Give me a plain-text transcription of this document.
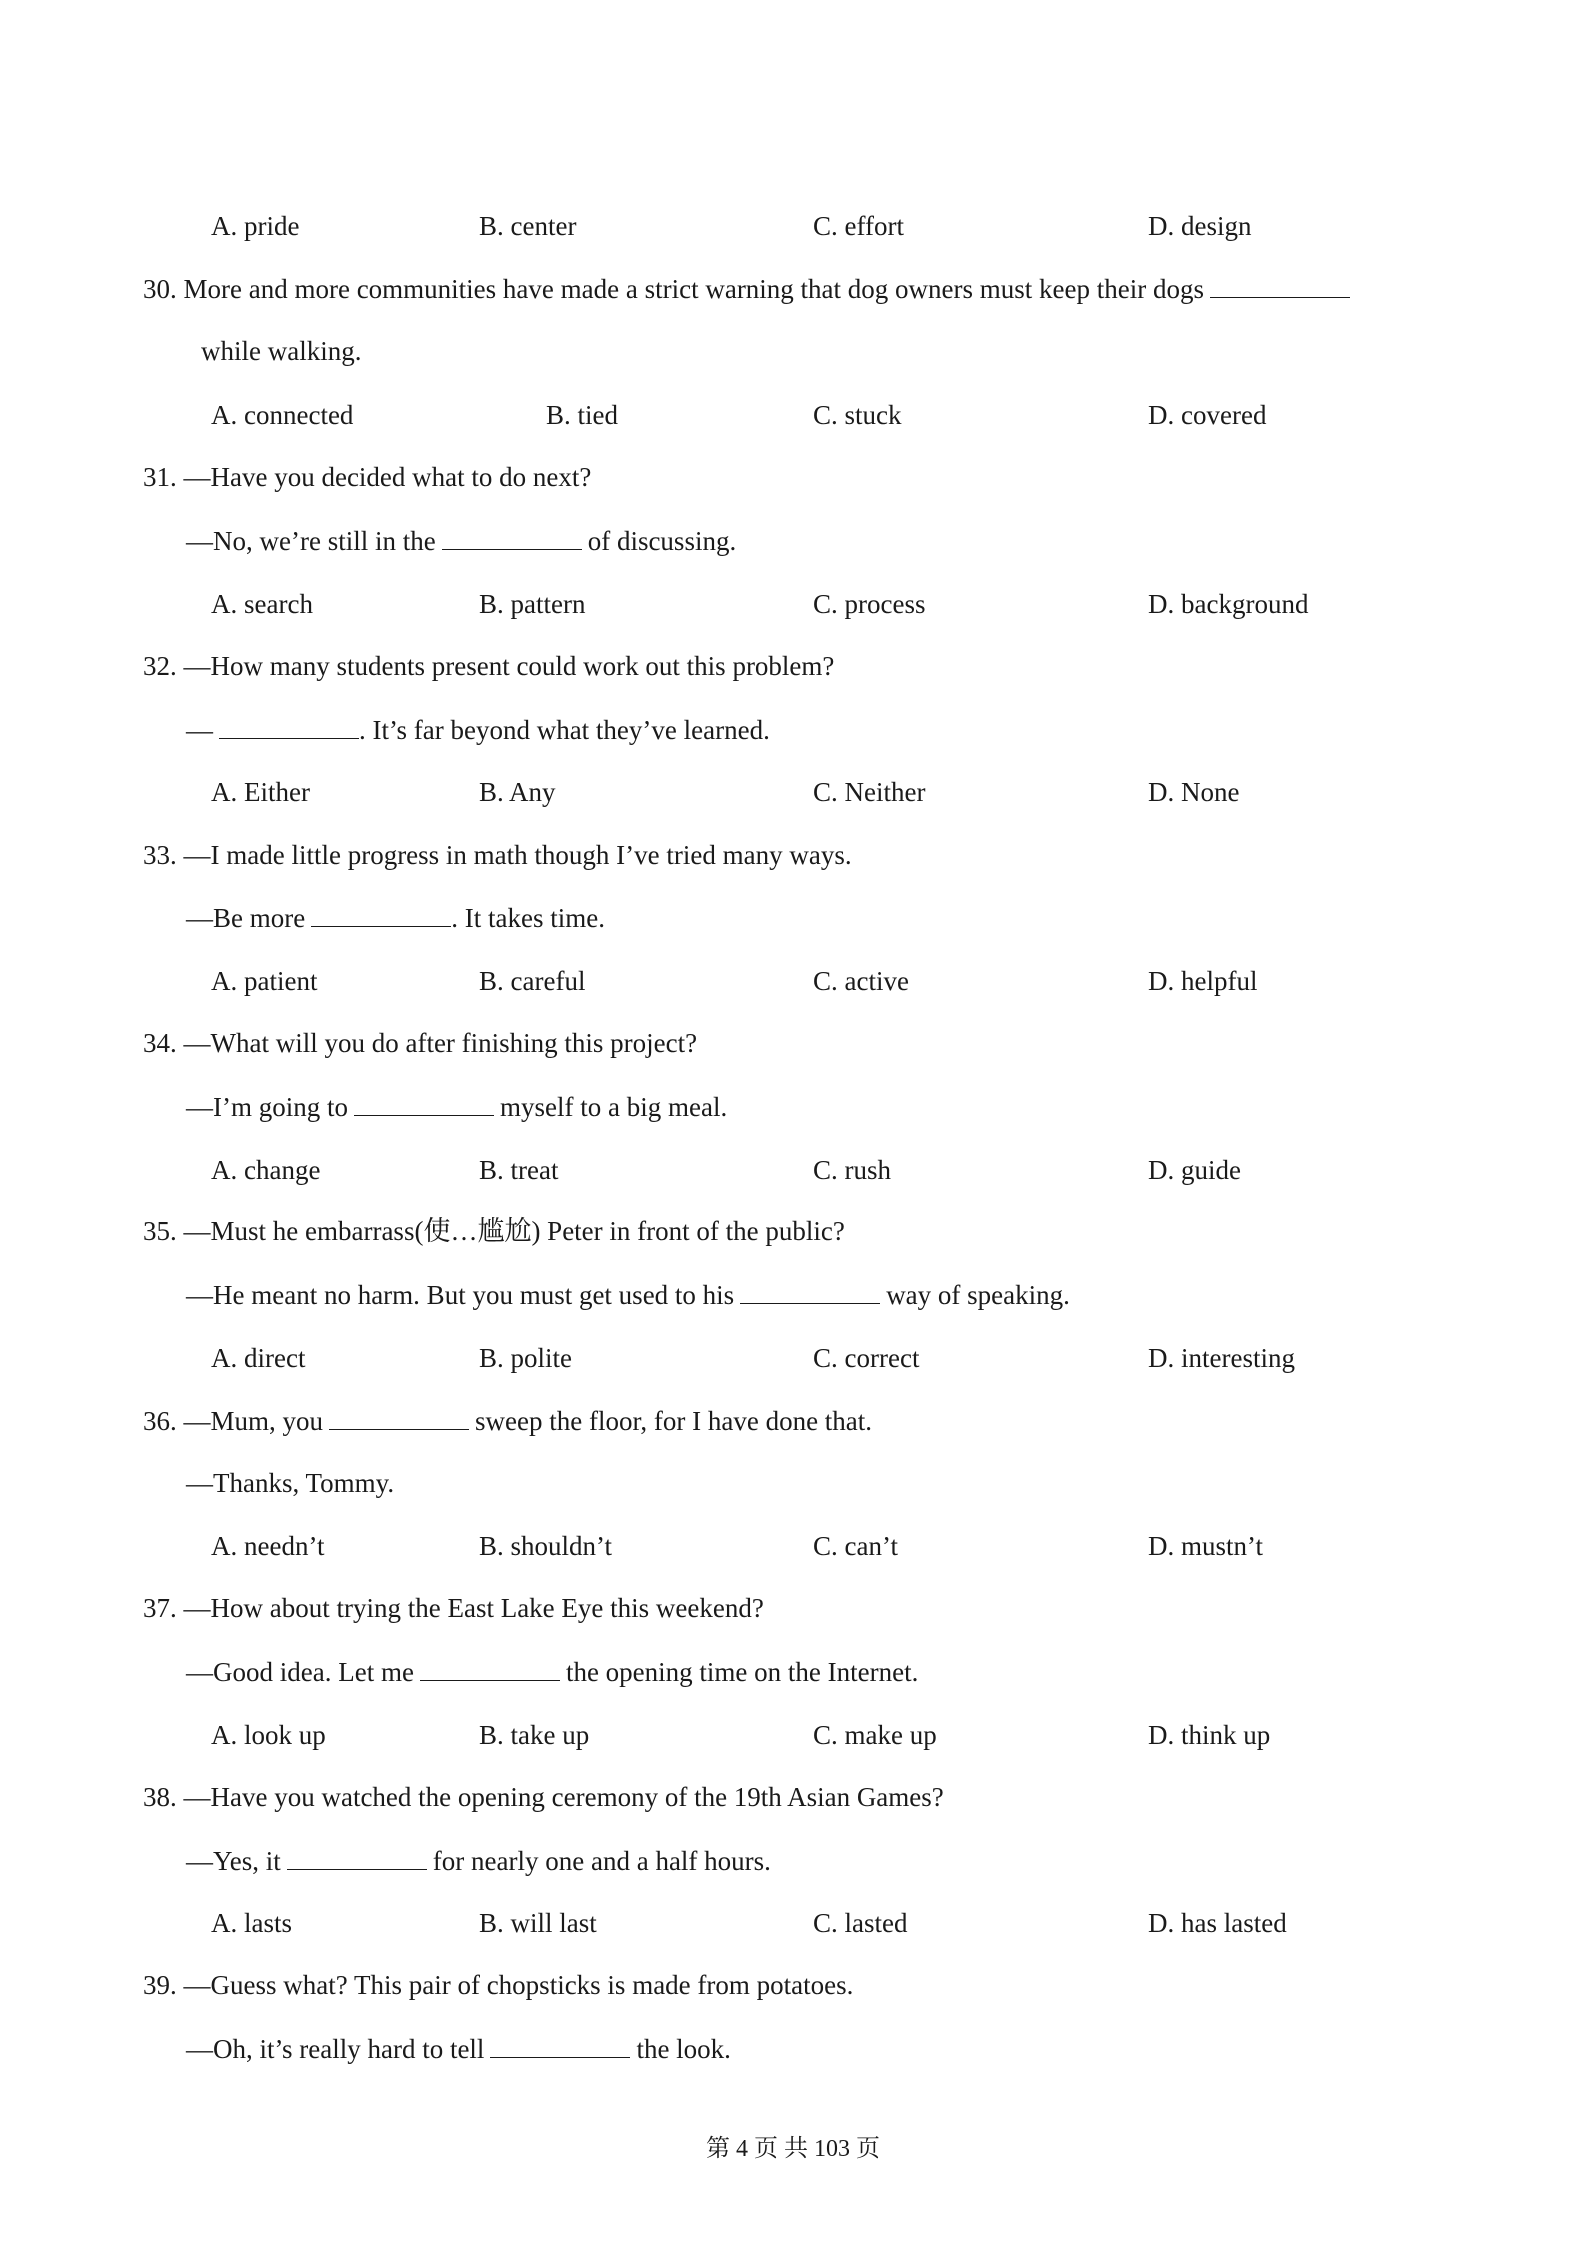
A. pride	B. center	C. effort	D. design
30. More and more communities have made a strict warning that dog owners must keep their dogs
while walking.
A. connected	B. tied	C. stuck	D. covered
31. —Have you decided what to do next?
—No, we’re still in the	of discussing.
A. search	B. pattern	C. process	D. background
32. —How many students present could work out this problem?
—	. It’s far beyond what they’ve learned.
A. Either	B. Any	C. Neither	D. None
33. —I made little progress in math though I’ve tried many ways.
—Be more	. It takes time.
A. patient	B. careful	C. active	D. helpful
34. —What will you do after finishing this project?
—I’m going to	myself to a big meal.
A. change	B. treat	C. rush	D. guide
35. —Must he embarrass(使…尴尬) Peter in front of the public?
—He meant no harm. But you must get used to his	way of speaking.
A. direct	B. polite	C. correct	D. interesting
36. —Mum, you	sweep the floor, for I have done that.
—Thanks, Tommy.
A. needn’t	B. shouldn’t	C. can’t	D. mustn’t
37. —How about trying the East Lake Eye this weekend?
—Good idea. Let me	the opening time on the Internet.
A. look up	B. take up	C. make up	D. think up
38. —Have you watched the opening ceremony of the 19th Asian Games?
—Yes, it	for nearly one and a half hours.
A. lasts	B. will last	C. lasted	D. has lasted
39. —Guess what? This pair of chopsticks is made from potatoes.
—Oh, it’s really hard to tell	the look.
第 4 页 共 103 页
